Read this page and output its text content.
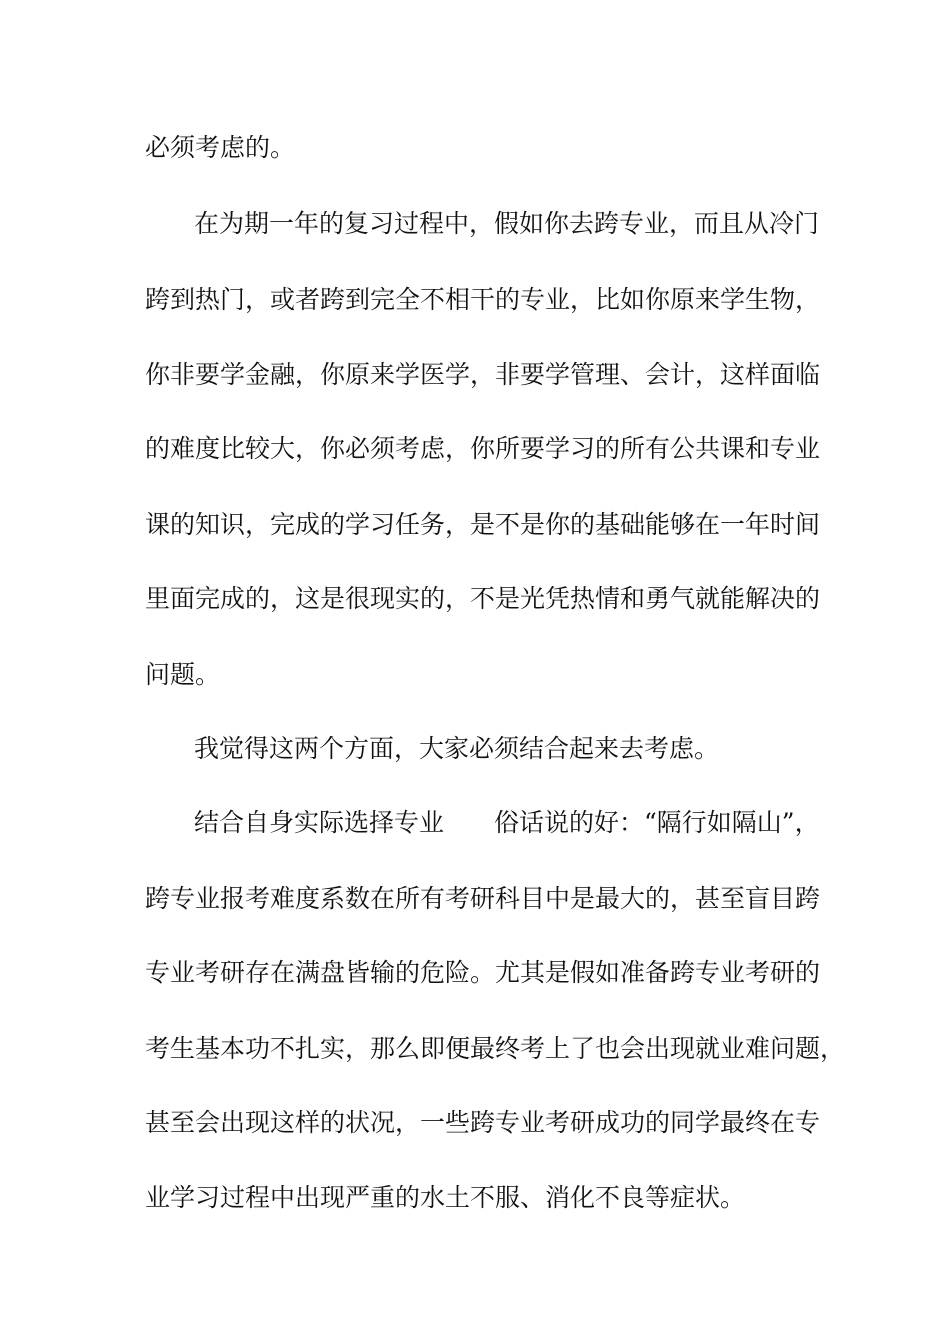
必须考虑的。

在为期一年的复习过程中，假如你去跨专业，而且从冷门

跨到热门，或者跨到完全不相干的专业，比如你原来学生物，

你非要学金融，你原来学医学，非要学管理、会计，这样面临

的难度比较大，你必须考虑，你所要学习的所有公共课和专业

课的知识，完成的学习任务，是不是你的基础能够在一年时间

里面完成的，这是很现实的，不是光凭热情和勇气就能解决的

问题。

我觉得这两个方面，大家必须结合起来去考虑。

结合自身实际选择专业 俗话说的好：“隔行如隔山”，

跨专业报考难度系数在所有考研科目中是最大的，甚至盲目跨

专业考研存在满盘皆输的危险。尤其是假如准备跨专业考研的

考生基本功不扎实，那么即便最终考上了也会出现就业难问题，

甚至会出现这样的状况，一些跨专业考研成功的同学最终在专

业学习过程中出现严重的水土不服、消化不良等症状。
